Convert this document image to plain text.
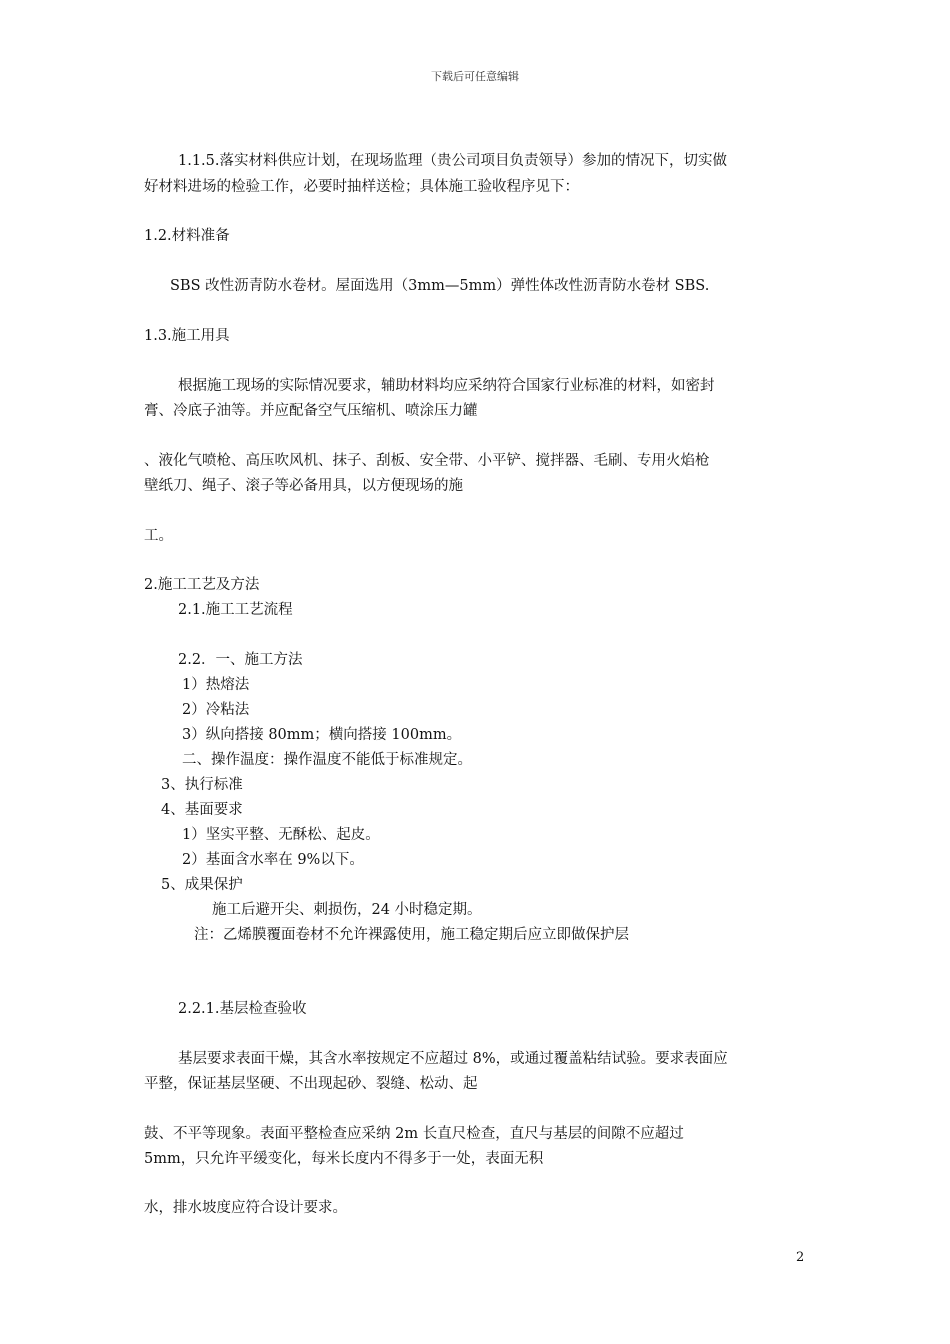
下载后可任意编辑
1.1.5.落实材料供应计划，在现场监理（贵公司项目负责领导）参加的情况下，切实做
好材料进场的检验工作，必要时抽样送检；具体施工验收程序见下：
1.2.材料准备
SBS 改性沥青防水卷材。屋面选用（3mm—5mm）弹性体改性沥青防水卷材 SBS.
1.3.施工用具
根据施工现场的实际情况要求，辅助材料均应采纳符合国家行业标准的材料，如密封
膏、冷底子油等。并应配备空气压缩机、喷涂压力罐
、液化气喷枪、高压吹风机、抹子、刮板、安全带、小平铲、搅拌器、毛刷、专用火焰枪
壁纸刀、绳子、滚子等必备用具，以方便现场的施
工。
2.施工工艺及方法
2.1.施工工艺流程
2.2．一、施工方法
1）热熔法
2）冷粘法
3）纵向搭接 80mm；横向搭接 100mm。
二、操作温度：操作温度不能低于标准规定。
3、执行标准
4、基面要求
1）坚实平整、无酥松、起皮。
2）基面含水率在 9%以下。
5、成果保护
施工后避开尖、刺损伤，24 小时稳定期。
注：乙烯膜覆面卷材不允许裸露使用，施工稳定期后应立即做保护层
2.2.1.基层检查验收
基层要求表面干燥，其含水率按规定不应超过 8%，或通过覆盖粘结试验。要求表面应
平整，保证基层坚硬、不出现起砂、裂缝、松动、起
鼓、不平等现象。表面平整检查应采纳 2m 长直尺检查，直尺与基层的间隙不应超过
5mm，只允许平缓变化，每米长度内不得多于一处，表面无积
水，排水坡度应符合设计要求。
2
